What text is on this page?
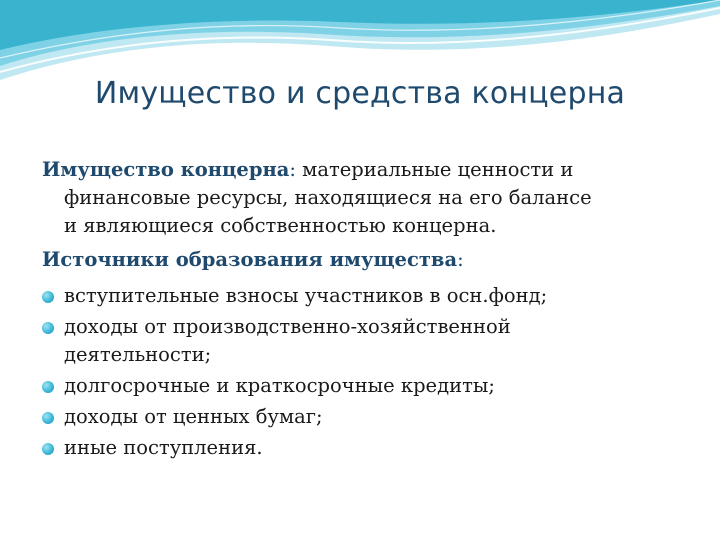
Имущество и средства концерна
Имущество концерна: материальные ценности и
финансовые ресурсы, находящиеся на его балансе
и являющиеся собственностью концерна.
Источники образования имущества:
вступительные взносы участников в осн.фонд;
доходы от производственно-хозяйственной
деятельности;
долгосрочные и краткосрочные кредиты;
доходы от ценных бумаг;
иные поступления.
